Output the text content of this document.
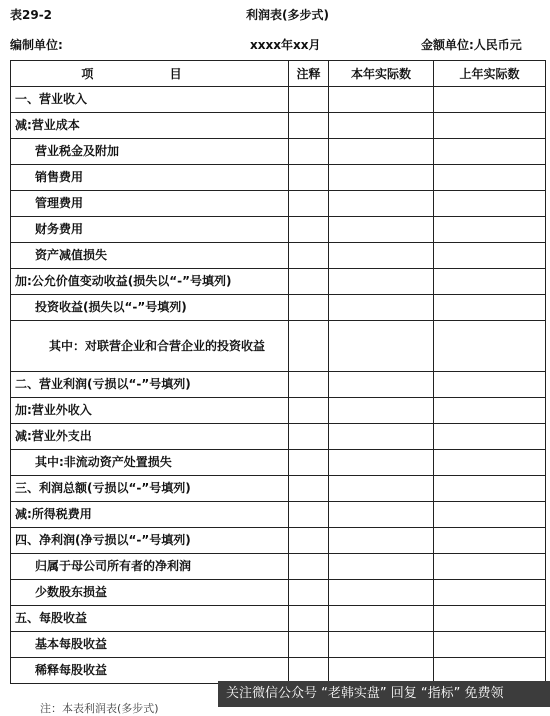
表29-2	利润表(多步式)
编制单位:	xxxx年xx月	金额单位:人民币元
项 目	注释	本年实际数	上年实际数
一、营业收入			
减:营业成本			
营业税金及附加			
销售费用			
管理费用			
财务费用			
资产减值损失			
加:公允价值变动收益(损失以“-”号填列)			
投资收益(损失以“-”号填列)			
其中：对联营企业和合营企业的投资收益			
二、营业利润(亏损以“-”号填列)			
加:营业外收入			
减:营业外支出			
其中:非流动资产处置损失			
三、利润总额(亏损以“-”号填列)			
减:所得税费用			
四、净利润(净亏损以“-”号填列)			
归属于母公司所有者的净利润			
少数股东损益			
五、每股收益			
基本每股收益			
稀释每股收益			
注：本表利润表(多步式)
关注微信公众号 “老韩实盘” 回复 “指标” 免费领
